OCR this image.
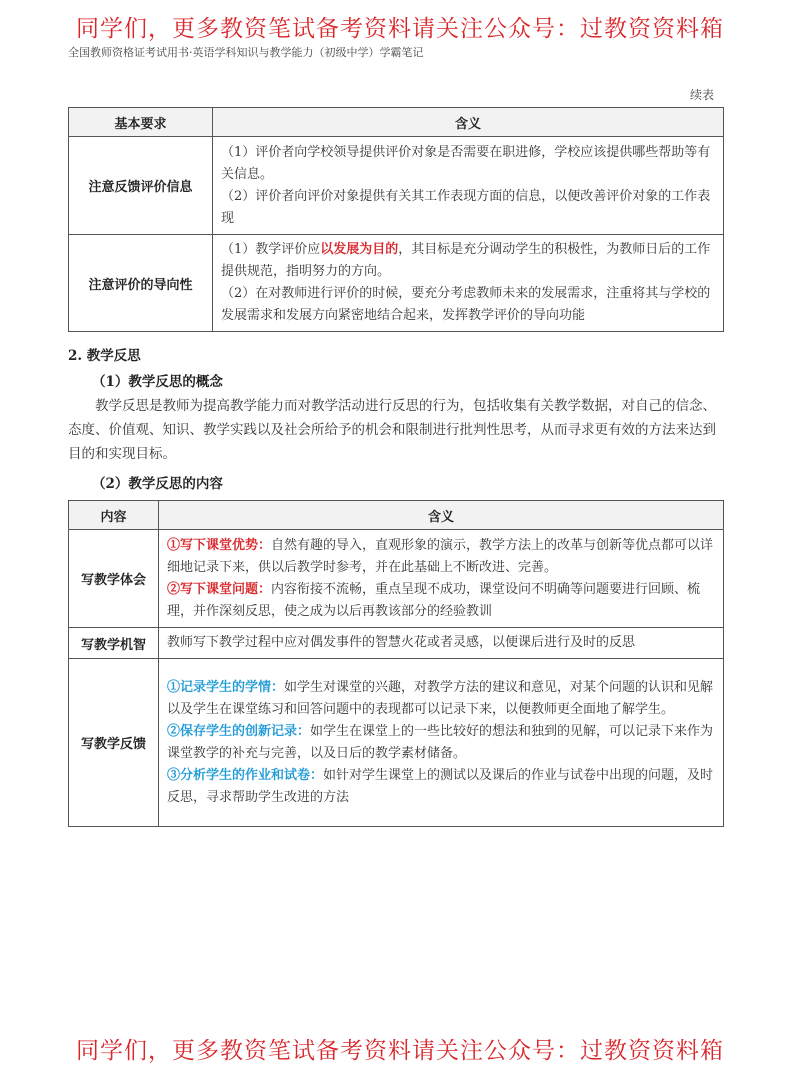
同学们，更多教资笔试备考资料请关注公众号：过教资资料箱
全国教师资格证考试用书·英语学科知识与教学能力（初级中学）学霸笔记
续表
基本要求	含义
注意反馈评价信息	（1）评价者向学校领导提供评价对象是否需要在职进修，学校应该提供哪些帮助等有关信息。

（2）评价者向评价对象提供有关其工作表现方面的信息，以便改善评价对象的工作表现

注意评价的导向性	（1）教学评价应以发展为目的，其目标是充分调动学生的积极性，为教师日后的工作提供规范，指明努力的方向。

（2）在对教师进行评价的时候，要充分考虑教师未来的发展需求，注重将其与学校的发展需求和发展方向紧密地结合起来，发挥教学评价的导向功能

2. 教学反思
（1）教学反思的概念
教学反思是教师为提高教学能力而对教学活动进行反思的行为，包括收集有关教学数据，对自己的信念、态度、价值观、知识、教学实践以及社会所给予的机会和限制进行批判性思考，从而寻求更有效的方法来达到目的和实现目标。
（2）教学反思的内容
内容	含义
写教学体会	①写下课堂优势：自然有趣的导入，直观形象的演示，教学方法上的改革与创新等优点都可以详细地记录下来，供以后教学时参考，并在此基础上不断改进、完善。

②写下课堂问题：内容衔接不流畅，重点呈现不成功，课堂设问不明确等问题要进行回顾、梳理，并作深刻反思，使之成为以后再教该部分的经验教训

写教学机智	教师写下教学过程中应对偶发事件的智慧火花或者灵感，以便课后进行及时的反思
写教学反馈	①记录学生的学情：如学生对课堂的兴趣，对教学方法的建议和意见，对某个问题的认识和见解以及学生在课堂练习和回答问题中的表现都可以记录下来，以便教师更全面地了解学生。

②保存学生的创新记录：如学生在课堂上的一些比较好的想法和独到的见解，可以记录下来作为课堂教学的补充与完善，以及日后的教学素材储备。

③分析学生的作业和试卷：如针对学生课堂上的测试以及课后的作业与试卷中出现的问题，及时反思，寻求帮助学生改进的方法

同学们，更多教资笔试备考资料请关注公众号：过教资资料箱
